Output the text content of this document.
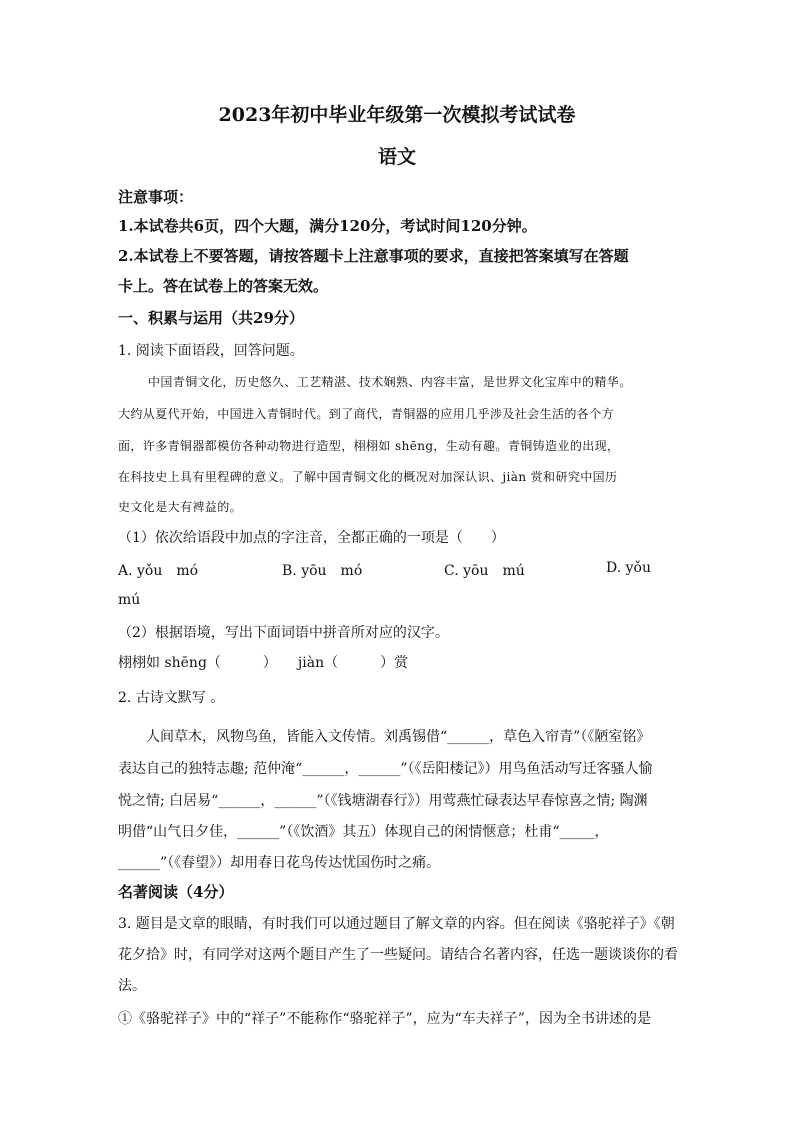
2023年初中毕业年级第一次模拟考试试卷
语文
注意事项：
1.本试卷共6页，四个大题，满分120分，考试时间120分钟。
2.本试卷上不要答题，请按答题卡上注意事项的要求，直接把答案填写在答题
卡上。答在试卷上的答案无效。
一、积累与运用（共29分）
1. 阅读下面语段，回答问题。
中国青铜文化，历史悠久、工艺精湛、技术娴熟、内容丰富，是世界文化宝库中的精华。
大约从夏代开始，中国进入青铜时代。到了商代，青铜器的应用几乎涉及社会生活的各个方
面，许多青铜器都模仿各种动物进行造型，栩栩如 shēng，生动有趣。青铜铸造业的出现，
在科技史上具有里程碑的意义。了解中国青铜文化的概况对加深认识、jiàn 赏和研究中国历
史文化是大有裨益的。
（1）依次给语段中加点的字注音，全都正确的一项是（　　）
A. yǒu　mó	B. yōu　mó	C. yōu　mú	D. yǒu
mú
（2）根据语境，写出下面词语中拼音所对应的汉字。
栩栩如 shēng（　　　）　　jiàn（　　　）赏
2. 古诗文默写 。
人间草木，风物鸟鱼，皆能入文传情。刘禹锡借“______，草色入帘青”（《陋室铭》
表达自己的独特志趣; 范仲淹“______，______”（《岳阳楼记》）用鸟鱼活动写迁客骚人愉
悦之情; 白居易“______，______”（《钱塘湖春行》）用莺燕忙碌表达早春惊喜之情; 陶渊
明借“山气日夕佳，______”（《饮酒》其五）体现自己的闲情惬意；杜甫“_____，
______”（《春望》）却用春日花鸟传达忧国伤时之痛。
名著阅读（4分）
3. 题目是文章的眼睛，有时我们可以通过题目了解文章的内容。但在阅读《骆驼祥子》《朝
花夕拾》时，有同学对这两个题目产生了一些疑问。请结合名著内容，任选一题谈谈你的看
法。
①《骆驼祥子》中的“祥子”不能称作“骆驼祥子”，应为“车夫祥子”，因为全书讲述的是
